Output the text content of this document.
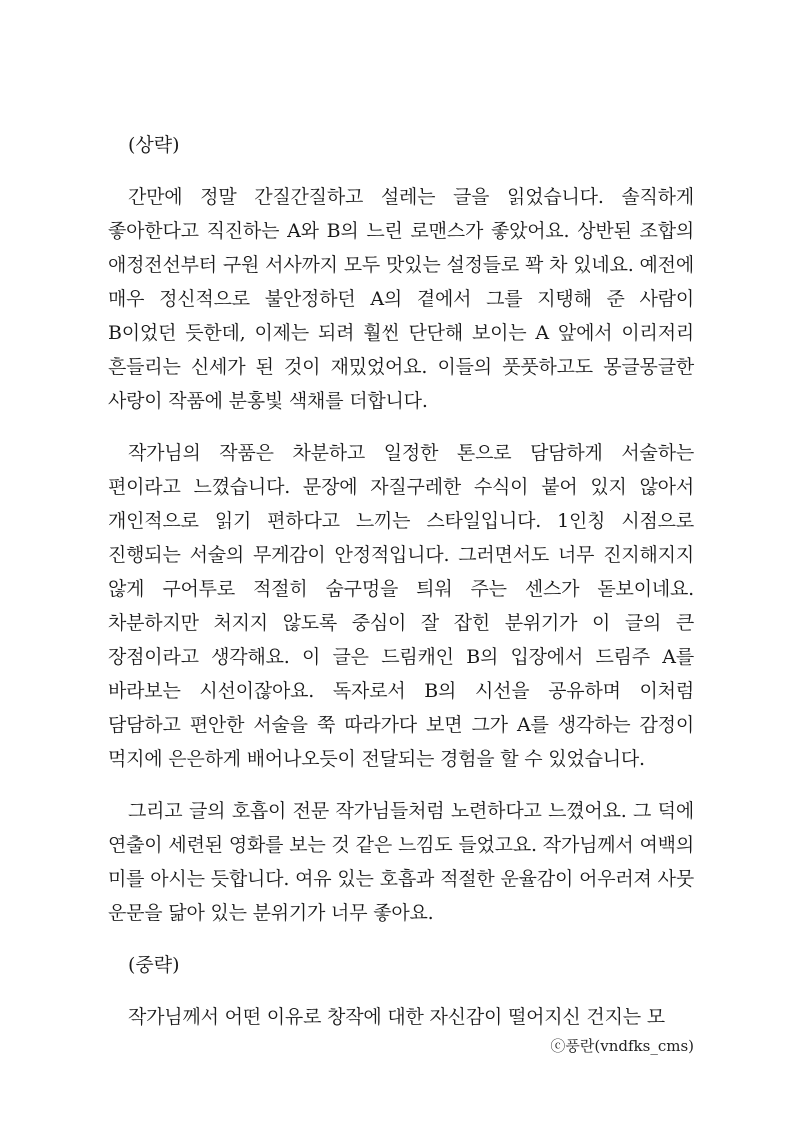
(상략)

간만에 정말 간질간질하고 설레는 글을 읽었습니다. 솔직하게 좋아한다고 직진하는 A와 B의 느린 로맨스가 좋았어요. 상반된 조합의 애정전선부터 구원 서사까지 모두 맛있는 설정들로 꽉 차 있네요. 예전에 매우 정신적으로 불안정하던 A의 곁에서 그를 지탱해 준 사람이 B이었던 듯한데, 이제는 되려 훨씬 단단해 보이는 A 앞에서 이리저리 흔들리는 신세가 된 것이 재밌었어요. 이들의 풋풋하고도 몽글몽글한 사랑이 작품에 분홍빛 색채를 더합니다.

작가님의 작품은 차분하고 일정한 톤으로 담담하게 서술하는 편이라고 느꼈습니다. 문장에 자질구레한 수식이 붙어 있지 않아서 개인적으로 읽기 편하다고 느끼는 스타일입니다. 1인칭 시점으로 진행되는 서술의 무게감이 안정적입니다. 그러면서도 너무 진지해지지 않게 구어투로 적절히 숨구멍을 틔워 주는 센스가 돋보이네요. 차분하지만 처지지 않도록 중심이 잘 잡힌 분위기가 이 글의 큰 장점이라고 생각해요. 이 글은 드림캐인 B의 입장에서 드림주 A를 바라보는 시선이잖아요. 독자로서 B의 시선을 공유하며 이처럼 담담하고 편안한 서술을 쭉 따라가다 보면 그가 A를 생각하는 감정이 먹지에 은은하게 배어나오듯이 전달되는 경험을 할 수 있었습니다.

그리고 글의 호흡이 전문 작가님들처럼 노련하다고 느꼈어요. 그 덕에 연출이 세련된 영화를 보는 것 같은 느낌도 들었고요. 작가님께서 여백의 미를 아시는 듯합니다. 여유 있는 호흡과 적절한 운율감이 어우러져 사뭇 운문을 닮아 있는 분위기가 너무 좋아요.

(중략)

작가님께서 어떤 이유로 창작에 대한 자신감이 떨어지신 건지는 모

ⓒ풍란(vndfks_cms)
